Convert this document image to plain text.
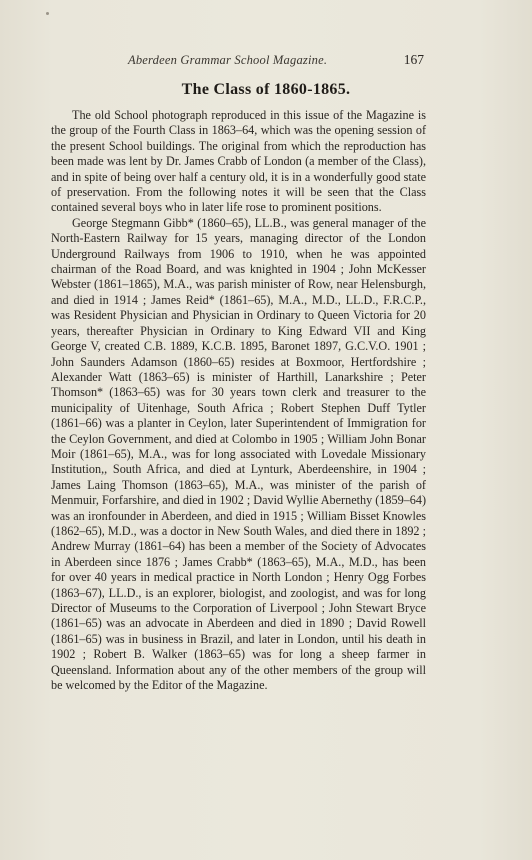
Aberdeen Grammar School Magazine.	167
The Class of 1860-1865.

The old School photograph reproduced in this issue of the Magazine is the group of the Fourth Class in 1863–64, which was the opening session of the present School buildings. The original from which the reproduction has been made was lent by Dr. James Crabb of London (a member of the Class), and in spite of being over half a century old, it is in a wonderfully good state of preservation. From the following notes it will be seen that the Class contained several boys who in later life rose to prominent positions.

George Stegmann Gibb* (1860–65), LL.B., was general manager of the North-Eastern Railway for 15 years, managing director of the London Underground Railways from 1906 to 1910, when he was appointed chairman of the Road Board, and was knighted in 1904 ; John McKesser Webster (1861–1865), M.A., was parish minister of Row, near Helensburgh, and died in 1914 ; James Reid* (1861–65), M.A., M.D., LL.D., F.R.C.P., was Resident Physician and Physician in Ordinary to Queen Victoria for 20 years, thereafter Physician in Ordinary to King Edward VII and King George V, created C.B. 1889, K.C.B. 1895, Baronet 1897, G.C.V.O. 1901 ; John Saunders Adamson (1860–65) resides at Boxmoor, Hertfordshire ; Alexander Watt (1863–65) is minister of Harthill, Lanarkshire ; Peter Thomson* (1863–65) was for 30 years town clerk and treasurer to the municipality of Uitenhage, South Africa ; Robert Stephen Duff Tytler (1861–66) was a planter in Ceylon, later Superintendent of Immigration for the Ceylon Government, and died at Colombo in 1905 ; William John Bonar Moir (1861–65), M.A., was for long associated with Lovedale Missionary Institution,, South Africa, and died at Lynturk, Aberdeenshire, in 1904 ; James Laing Thomson (1863–65), M.A., was minister of the parish of Menmuir, Forfarshire, and died in 1902 ; David Wyllie Abernethy (1859–64) was an ironfounder in Aberdeen, and died in 1915 ; William Bisset Knowles (1862–65), M.D., was a doctor in New South Wales, and died there in 1892 ; Andrew Murray (1861–64) has been a member of the Society of Advocates in Aberdeen since 1876 ; James Crabb* (1863–65), M.A., M.D., has been for over 40 years in medical practice in North London ; Henry Ogg Forbes (1863–67), LL.D., is an explorer, biologist, and zoologist, and was for long Director of Museums to the Corporation of Liverpool ; John Stewart Bryce (1861–65) was an advocate in Aberdeen and died in 1890 ; David Rowell (1861–65) was in business in Brazil, and later in London, until his death in 1902 ; Robert B. Walker (1863–65) was for long a sheep farmer in Queensland. Information about any of the other members of the group will be welcomed by the Editor of the Magazine.
